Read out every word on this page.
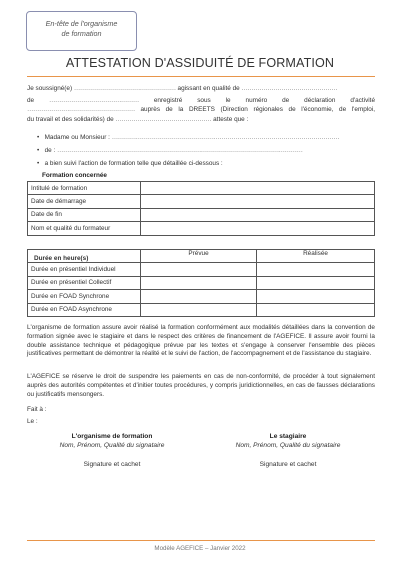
En-tête de l'organisme
de formation
ATTESTATION D'ASSIDUITÉ DE FORMATION
Je soussigné(e) …………………………………………… agissant en qualité de …………………………………………
de ……………………………………… enregistré sous le numéro de déclaration d'activité
……………………………………………… auprès de la DREETS (Direction régionales de l'économie, de l'emploi,
du travail et des solidarités) de ………………………………………… atteste que :
• Madame ou Monsieur : ……………………………………………………………………………………………………
• de : ……………………………………………………………………………………………………………
• a bien suivi l'action de formation telle que détaillée ci-dessous :
Formation concernée
Intitulé de formation	
Date de démarrage	
Date de fin	
Nom et qualité du formateur	
Durée en heure(s)	Prévue	Réalisée
Durée en présentiel Individuel		
Durée en présentiel Collectif		
Durée en FOAD Synchrone		
Durée en FOAD Asynchrone		
L'organisme de formation assure avoir réalisé la formation conformément aux modalités détaillées dans la convention de formation signée avec le stagiaire et dans le respect des critères de financement de l'AGEFICE. Il assure avoir fourni la double assistance technique et pédagogique prévue par les textes et s'engage à conserver l'ensemble des pièces justificatives permettant de démontrer la réalité et le suivi de l'action, de l'accompagnement et de l'assistance du stagiaire.
L'AGEFICE se réserve le droit de suspendre les paiements en cas de non-conformité, de procéder à tout signalement auprès des autorités compétentes et d'initier toutes procédures, y compris juridictionnelles, en cas de fausses déclarations ou justificatifs mensongers.
Fait à :
Le :
L'organisme de formation
Nom, Prénom, Qualité du signataire
Signature et cachet
Le stagiaire
Nom, Prénom, Qualité du signataire
Signature et cachet
Modèle AGEFICE – Janvier 2022
